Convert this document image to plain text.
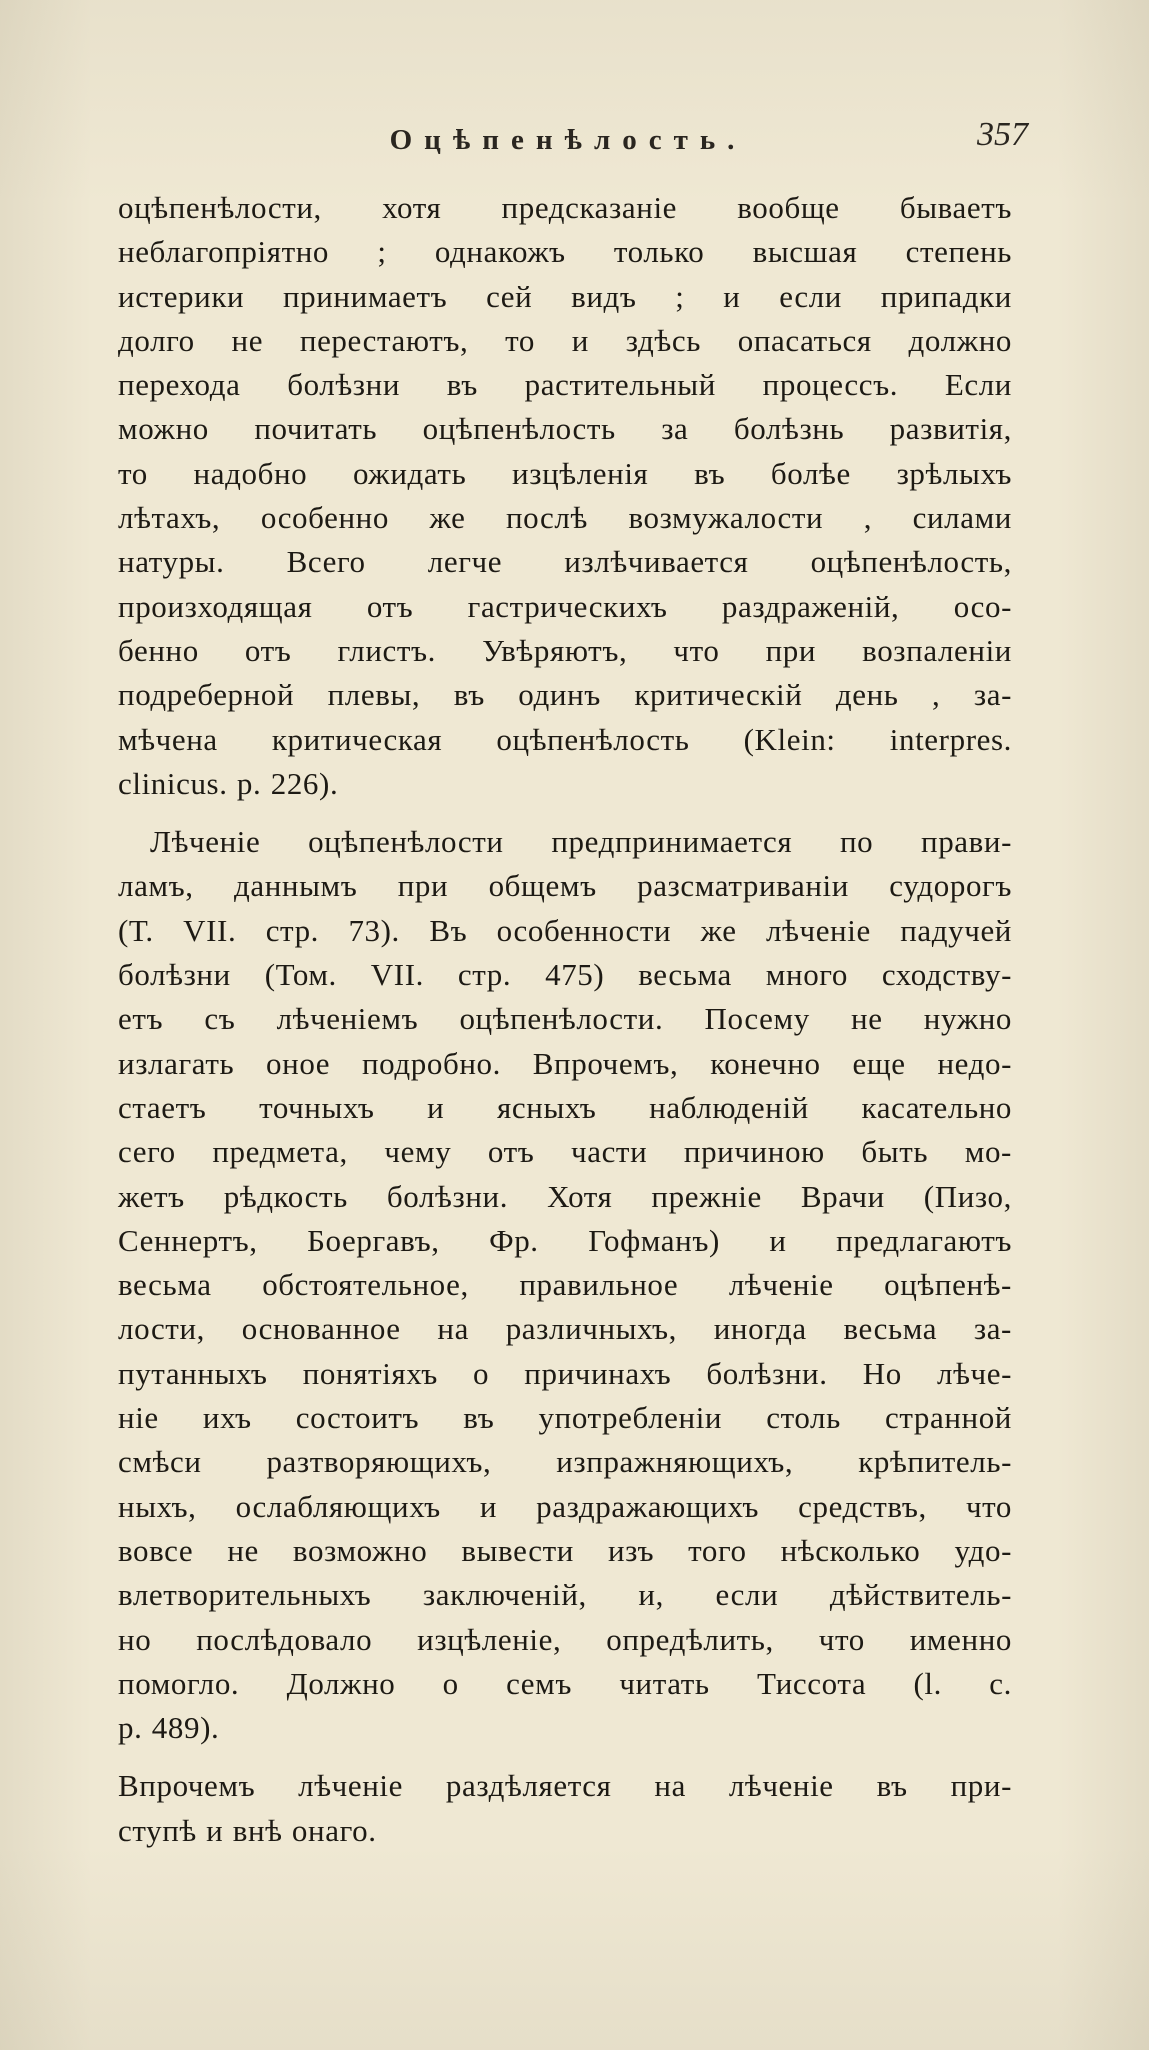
Оцѣпенѣлость.	357
оцѣпенѣлости, хотя предсказаніе вообще бываетъ
неблагопріятно ; однакожъ только высшая степень
истерики принимаетъ сей видъ ; и если припадки
долго не перестаютъ, то и здѣсь опасаться должно
перехода болѣзни въ растительный процессъ. Если
можно почитать оцѣпенѣлость за болѣзнь развитія,
то надобно ожидать изцѣленія въ болѣе зрѣлыхъ
лѣтахъ, особенно же послѣ возмужалости , силами
натуры. Всего легче излѣчивается оцѣпенѣлость,
произходящая отъ гастрическихъ раздраженій, осо-
бенно отъ глистъ. Увѣряютъ, что при возпаленіи
подреберной плевы, въ одинъ критическій день , за-
мѣчена критическая оцѣпенѣлость (Klein: interpres.
clinicus. p. 226).
Лѣченіе оцѣпенѣлости предпринимается по прави-
ламъ, даннымъ при общемъ разсматриваніи судорогъ
(Т. VII. стр. 73). Въ особенности же лѣченіе падучей
болѣзни (Том. VII. стр. 475) весьма много сходству-
етъ съ лѣченіемъ оцѣпенѣлости. Посему не нужно
излагать оное подробно. Впрочемъ, конечно еще недо-
стаетъ точныхъ и ясныхъ наблюденій касательно
сего предмета, чему отъ части причиною быть мо-
жетъ рѣдкость болѣзни. Хотя прежніе Врачи (Пизо,
Сеннертъ, Боергавъ, Фр. Гофманъ) и предлагаютъ
весьма обстоятельное, правильное лѣченіе оцѣпенѣ-
лости, основанное на различныхъ, иногда весьма за-
путанныхъ понятіяхъ о причинахъ болѣзни. Но лѣче-
ніе ихъ состоитъ въ употребленіи столь странной
смѣси разтворяющихъ, изпражняющихъ, крѣпитель-
ныхъ, ослабляющихъ и раздражающихъ средствъ, что
вовсе не возможно вывести изъ того нѣсколько удо-
влетворительныхъ заключеній, и, если дѣйствитель-
но послѣдовало изцѣленіе, опредѣлить, что именно
помогло. Должно о семъ читать Тиссота (l. c.
p. 489).
Впрочемъ лѣченіе раздѣляется на лѣченіе въ при-
ступѣ и внѣ онаго.
